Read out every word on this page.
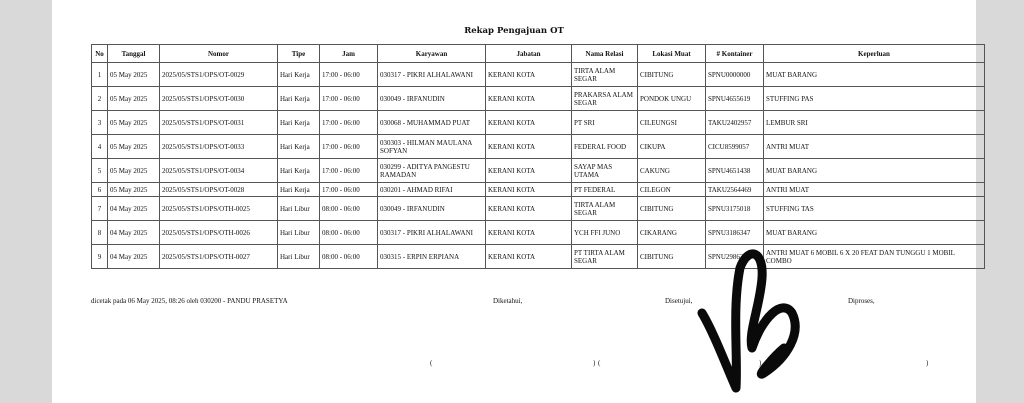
Rekap Pengajuan OT
No	Tanggal	Nomor	Tipe	Jam	Karyawan	Jabatan	Nama Relasi	Lokasi Muat	# Kontainer	Keperluan
1	05 May 2025	2025/05/STS1/OPS/OT-0029	Hari Kerja	17:00 - 06:00	030317 - PIKRI ALHALAWANI	KERANI KOTA	TIRTA ALAM SEGAR	CIBITUNG	SPNU0000000	MUAT BARANG
2	05 May 2025	2025/05/STS1/OPS/OT-0030	Hari Kerja	17:00 - 06:00	030049 - IRFANUDIN	KERANI KOTA	PRAKARSA ALAM SEGAR	PONDOK UNGU	SPNU4655619	STUFFING PAS
3	05 May 2025	2025/05/STS1/OPS/OT-0031	Hari Kerja	17:00 - 06:00	030068 - MUHAMMAD PUAT	KERANI KOTA	PT SRI	CILEUNGSI	TAKU2402957	LEMBUR SRI
4	05 May 2025	2025/05/STS1/OPS/OT-0033	Hari Kerja	17:00 - 06:00	030303 - HILMAN MAULANA SOFYAN	KERANI KOTA	FEDERAL FOOD	CIKUPA	CICU8599057	ANTRI MUAT
5	05 May 2025	2025/05/STS1/OPS/OT-0034	Hari Kerja	17:00 - 06:00	030299 - ADITYA PANGESTU RAMADAN	KERANI KOTA	SAYAP MAS UTAMA	CAKUNG	SPNU4651438	MUAT BARANG
6	05 May 2025	2025/05/STS1/OPS/OT-0028	Hari Kerja	17:00 - 06:00	030201 - AHMAD RIFAI	KERANI KOTA	PT FEDERAL	CILEGON	TAKU2564469	ANTRI MUAT
7	04 May 2025	2025/05/STS1/OPS/OTH-0025	Hari Libur	08:00 - 06:00	030049 - IRFANUDIN	KERANI KOTA	TIRTA ALAM SEGAR	CIBITUNG	SPNU3175018	STUFFING TAS
8	04 May 2025	2025/05/STS1/OPS/OTH-0026	Hari Libur	08:00 - 06:00	030317 - PIKRI ALHALAWANI	KERANI KOTA	YCH FFI JUNO	CIKARANG	SPNU3186347	MUAT BARANG
9	04 May 2025	2025/05/STS1/OPS/OTH-0027	Hari Libur	08:00 - 06:00	030315 - ERPIN ERPIANA	KERANI KOTA	PT TIRTA ALAM SEGAR	CIBITUNG	SPNU2986221	ANTRI MUAT 6 MOBIL 6 X 20 FEAT DAN TUNGGU 1 MOBIL COMBO
dicetak pada 06 May 2025, 08:26 oleh 030200 - PANDU PRASETYA	Diketahui,	Disetujui,	Diproses,
(	) (	) (	)
